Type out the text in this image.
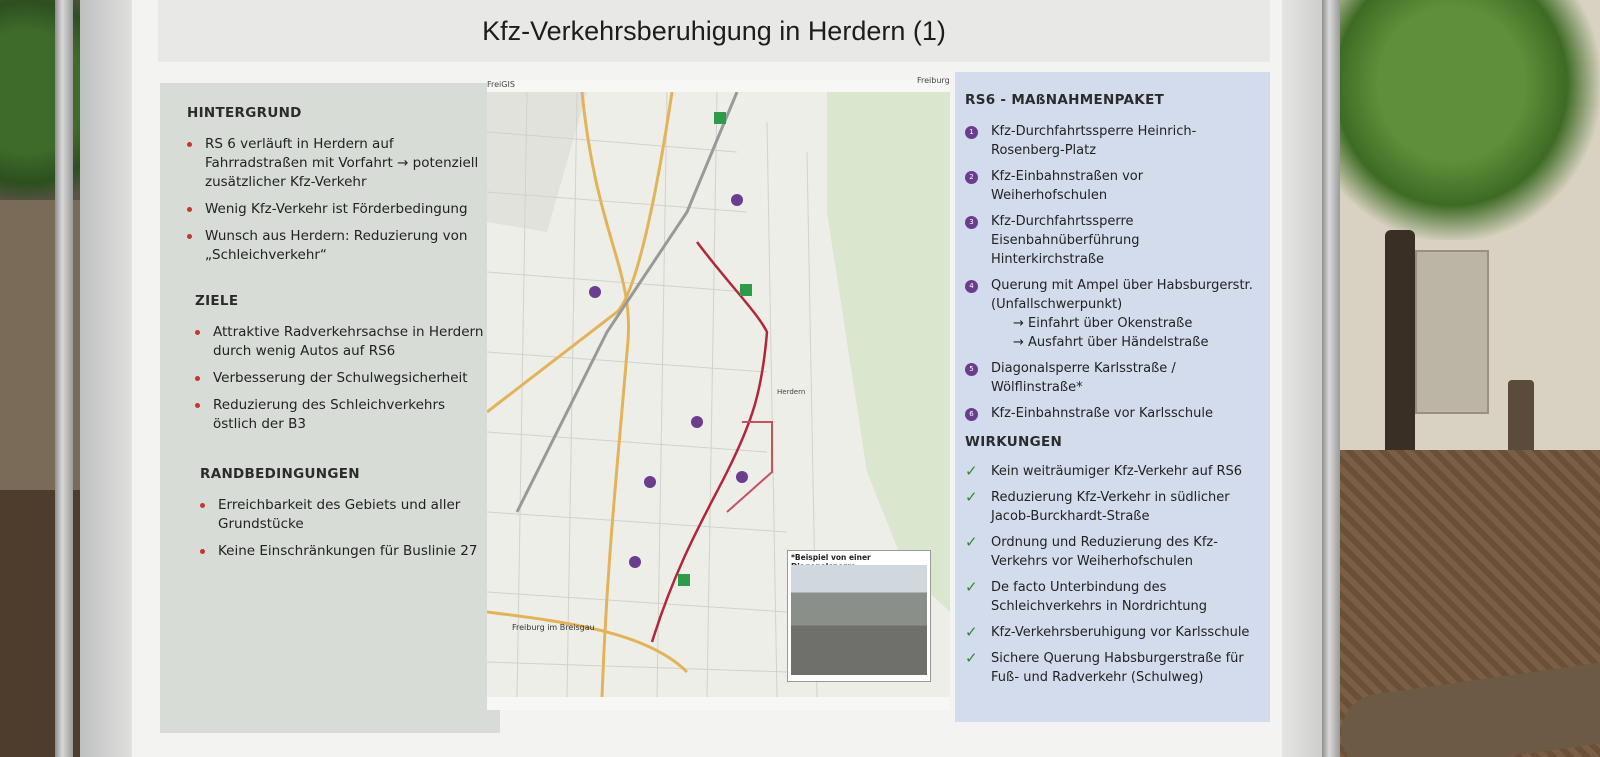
Kfz-Verkehrsberuhigung in Herdern (1)
HINTERGRUND
RS 6 verläuft in Herdern auf Fahrradstraßen mit Vorfahrt → potenziell zusätzlicher Kfz-Verkehr
Wenig Kfz-Verkehr ist Förderbedingung
Wunsch aus Herdern: Reduzierung von „Schleichverkehr“
ZIELE
Attraktive Radverkehrsachse in Herdern durch wenig Autos auf RS6
Verbesserung der Schulwegsicherheit
Reduzierung des Schleichverkehrs östlich der B3
RANDBEDINGUNGEN
Erreichbarkeit des Gebiets und aller Grundstücke
Keine Einschränkungen für Buslinie 27
FreiGIS	Freiburg
Herdern
Freiburg im Breisgau
*Beispiel von einer
RS6 - MAßNAHMENPAKET
1	Kfz-Durchfahrtssperre Heinrich-Rosenberg-Platz
2	Kfz-Einbahnstraßen vor Weiherhofschulen
3	Kfz-Durchfahrtssperre Eisenbahnüberführung Hinterkirchstraße
4	Querung mit Ampel über Habsburgerstr. (Unfallschwerpunkt)
→ Einfahrt über Okenstraße
→ Ausfahrt über Händelstraße
5	Diagonalsperre Karlsstraße / Wölflinstraße*
6	Kfz-Einbahnstraße vor Karlsschule
WIRKUNGEN
✓ Kein weiträumiger Kfz-Verkehr auf RS6
✓ Reduzierung Kfz-Verkehr in südlicher Jacob-Burckhardt-Straße
✓ Ordnung und Reduzierung des Kfz-Verkehrs vor Weiherhofschulen
✓ De facto Unterbindung des Schleichverkehrs in Nordrichtung
✓ Kfz-Verkehrsberuhigung vor Karlsschule
✓ Sichere Querung Habsburgerstraße für Fuß- und Radverkehr (Schulweg)
